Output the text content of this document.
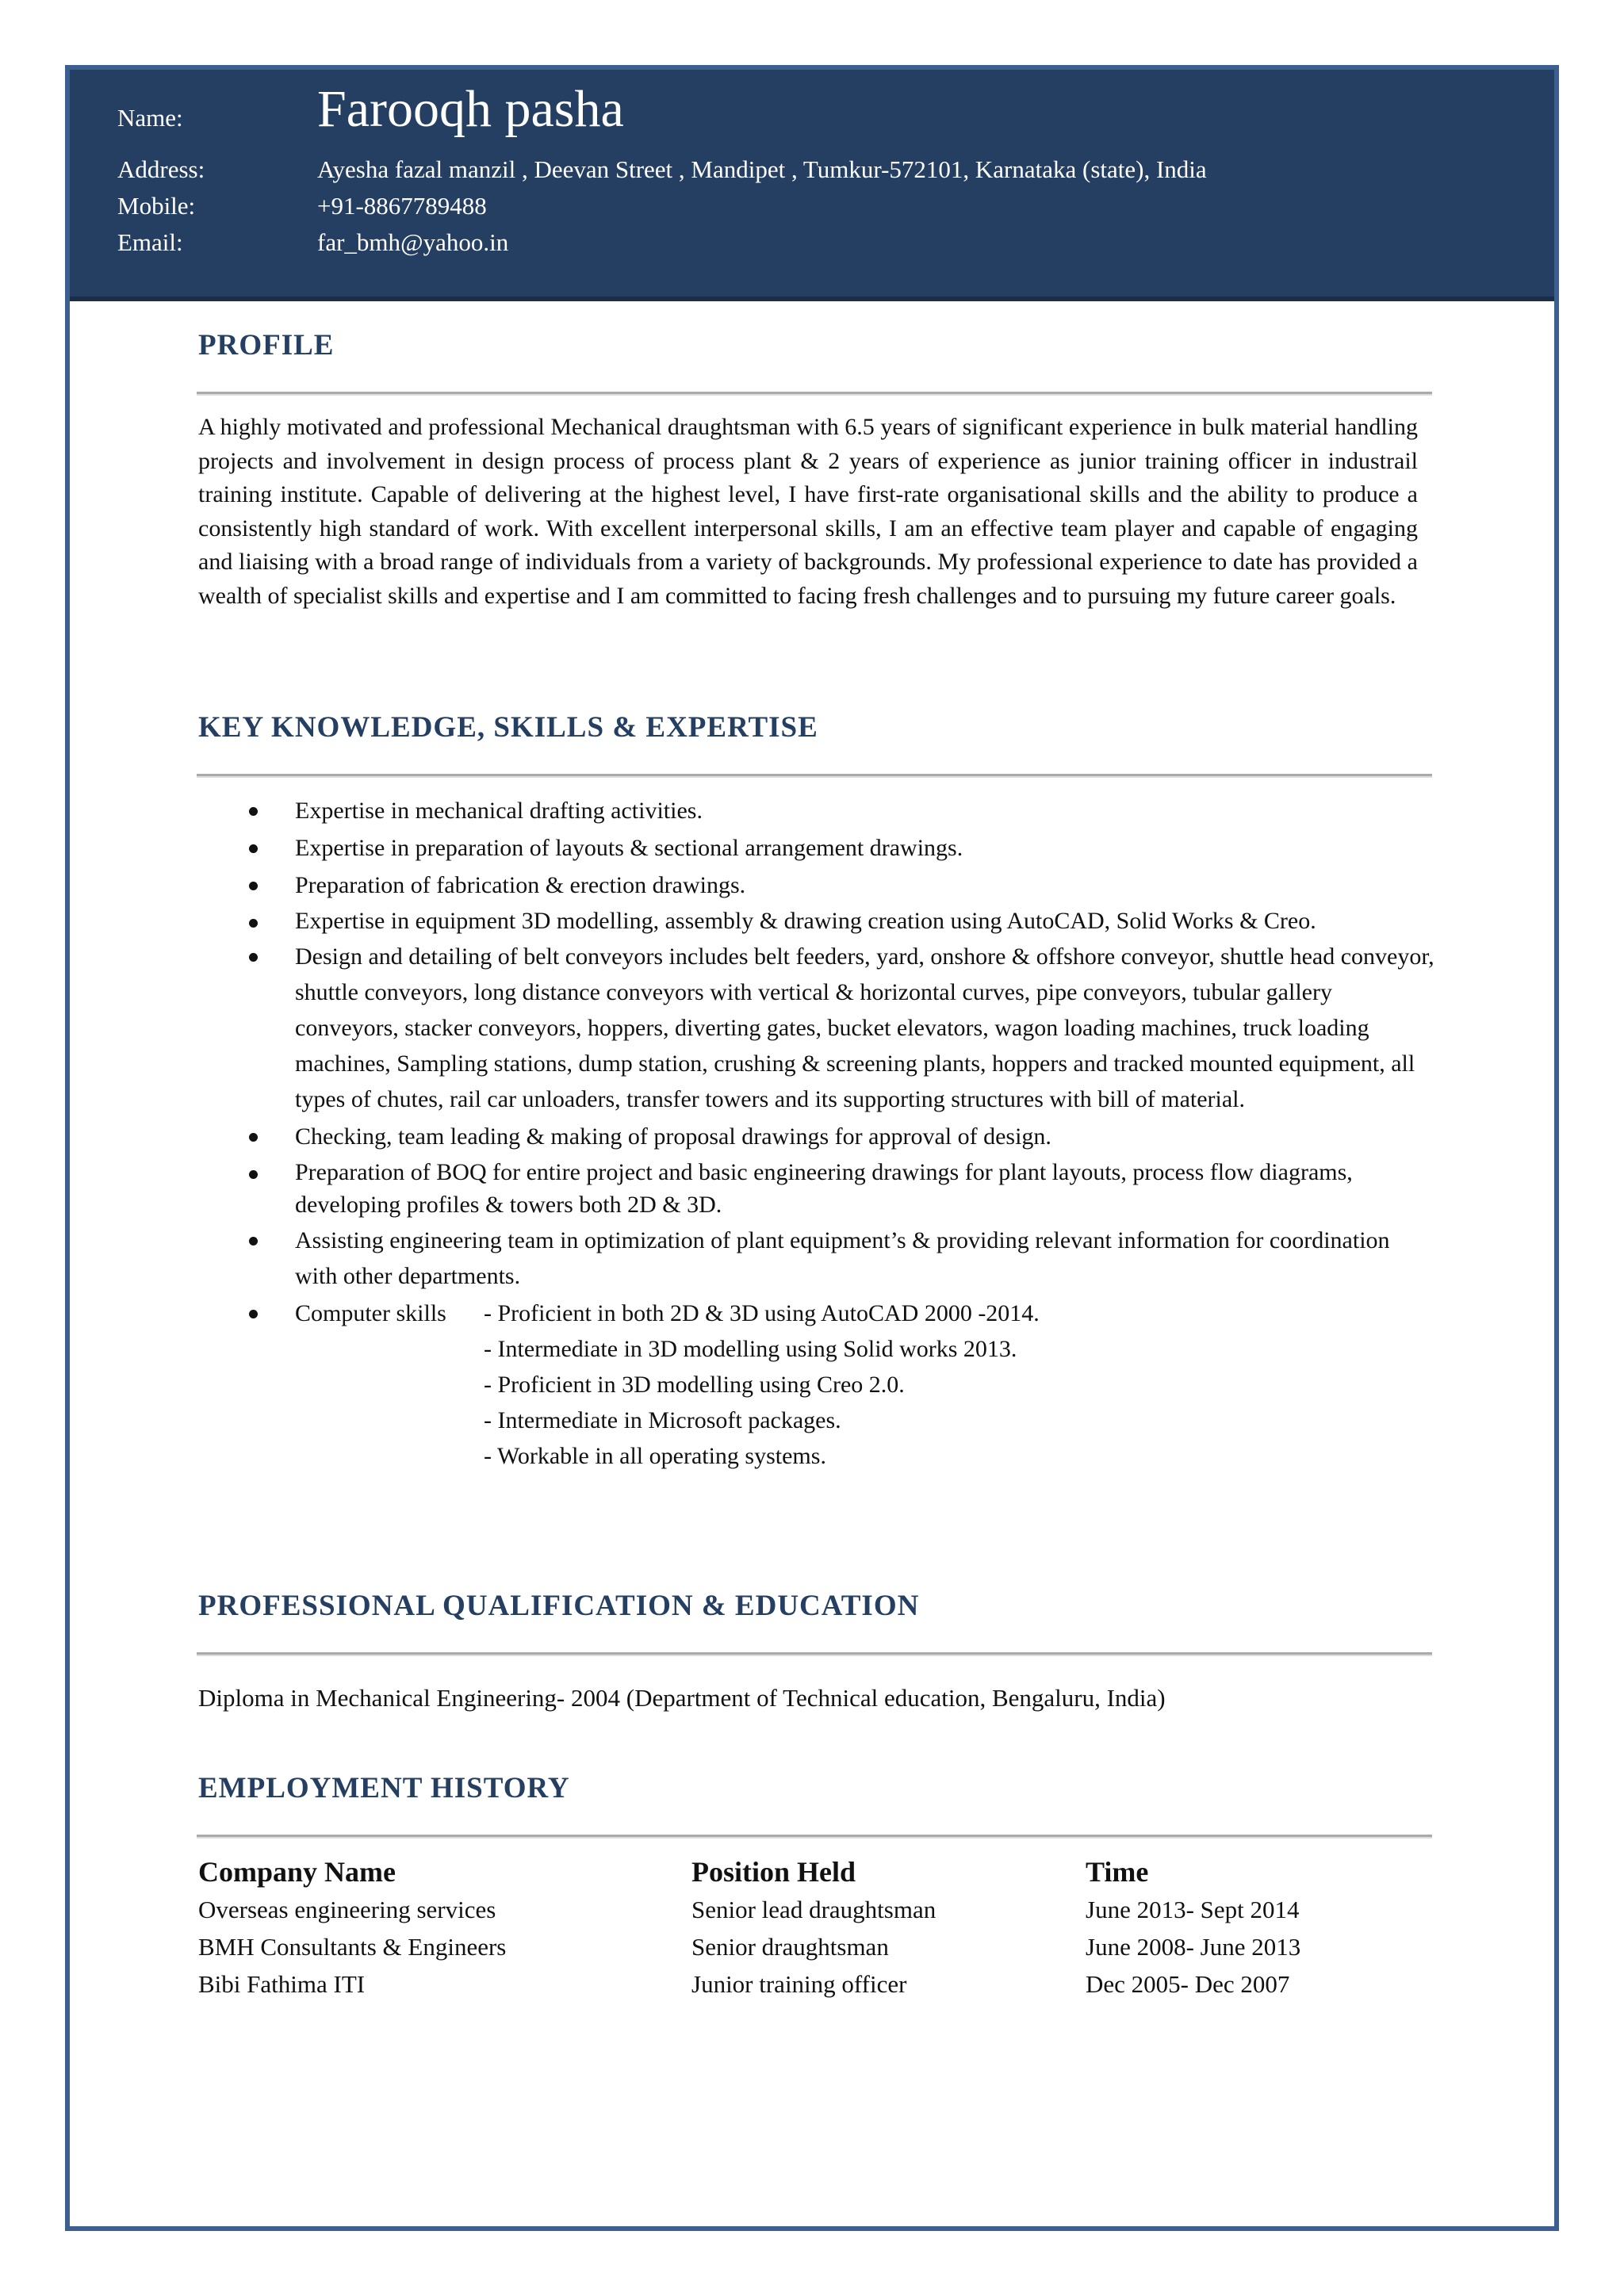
Name:	Farooqh pasha
Address:	Ayesha fazal manzil , Deevan Street , Mandipet , Tumkur-572101, Karnataka (state), India
Mobile:	+91-8867789488
Email:	far_bmh@yahoo.in
PROFILE
A highly motivated and professional Mechanical draughtsman with 6.5 years of significant experience in bulk material handling projects and involvement in design process of process plant & 2 years of experience as junior training officer in industrail training institute. Capable of delivering at the highest level, I have first-rate organisational skills and the ability to produce a consistently high standard of work. With excellent interpersonal skills, I am an effective team player and capable of engaging and liaising with a broad range of individuals from a variety of backgrounds. My professional experience to date has provided a wealth of specialist skills and expertise and I am committed to facing fresh challenges and to pursuing my future career goals.
KEY KNOWLEDGE, SKILLS & EXPERTISE
Expertise in mechanical drafting activities.
Expertise in preparation of layouts & sectional arrangement drawings.
Preparation of fabrication & erection drawings.
Expertise in equipment 3D modelling, assembly & drawing creation using AutoCAD, Solid Works & Creo.
Design and detailing of belt conveyors includes belt feeders, yard, onshore & offshore conveyor, shuttle head conveyor, shuttle conveyors, long distance conveyors with vertical & horizontal curves, pipe conveyors, tubular gallery conveyors, stacker conveyors, hoppers, diverting gates, bucket elevators, wagon loading machines, truck loading machines, Sampling stations, dump station, crushing & screening plants, hoppers and tracked mounted equipment, all types of chutes, rail car unloaders, transfer towers and its supporting structures with bill of material.
Checking, team leading & making of proposal drawings for approval of design.
Preparation of BOQ for entire project and basic engineering drawings for plant layouts, process flow diagrams, developing profiles & towers both 2D & 3D.
Assisting engineering team in optimization of plant equipment’s & providing relevant information for coordination with other departments.
Computer skills - Proficient in both 2D & 3D using AutoCAD 2000 -2014.
- Intermediate in 3D modelling using Solid works 2013.
- Proficient in 3D modelling using Creo 2.0.
- Intermediate in Microsoft packages.
- Workable in all operating systems.
PROFESSIONAL QUALIFICATION & EDUCATION
Diploma in Mechanical Engineering- 2004 (Department of Technical education, Bengaluru, India)
EMPLOYMENT HISTORY
Company Name	Position Held	Time
Overseas engineering services	Senior lead draughtsman	June 2013- Sept 2014
BMH Consultants & Engineers	Senior draughtsman	June 2008- June 2013
Bibi Fathima ITI	Junior training officer	Dec 2005- Dec 2007
